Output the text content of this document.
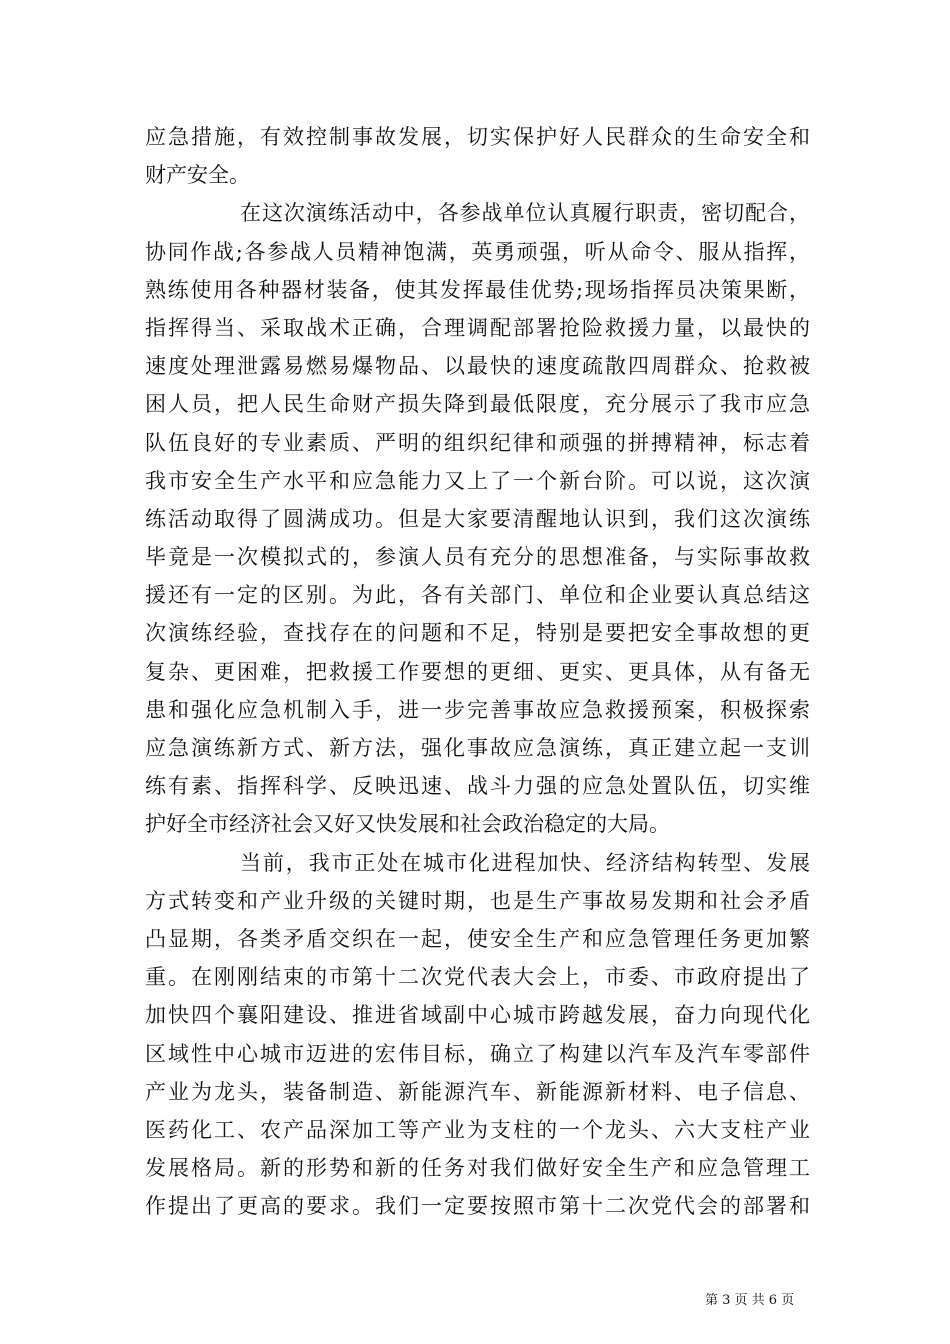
应急措施，有效控制事故发展，切实保护好人民群众的生命安全和
财产安全。
在这次演练活动中，各参战单位认真履行职责，密切配合，
协同作战;各参战人员精神饱满，英勇顽强，听从命令、服从指挥，
熟练使用各种器材装备，使其发挥最佳优势;现场指挥员决策果断，
指挥得当、采取战术正确，合理调配部署抢险救援力量，以最快的
速度处理泄露易燃易爆物品、以最快的速度疏散四周群众、抢救被
困人员，把人民生命财产损失降到最低限度，充分展示了我市应急
队伍良好的专业素质、严明的组织纪律和顽强的拼搏精神，标志着
我市安全生产水平和应急能力又上了一个新台阶。可以说，这次演
练活动取得了圆满成功。但是大家要清醒地认识到，我们这次演练
毕竟是一次模拟式的，参演人员有充分的思想准备，与实际事故救
援还有一定的区别。为此，各有关部门、单位和企业要认真总结这
次演练经验，查找存在的问题和不足，特别是要把安全事故想的更
复杂、更困难，把救援工作要想的更细、更实、更具体，从有备无
患和强化应急机制入手，进一步完善事故应急救援预案，积极探索
应急演练新方式、新方法，强化事故应急演练，真正建立起一支训
练有素、指挥科学、反映迅速、战斗力强的应急处置队伍，切实维
护好全市经济社会又好又快发展和社会政治稳定的大局。
当前，我市正处在城市化进程加快、经济结构转型、发展
方式转变和产业升级的关键时期，也是生产事故易发期和社会矛盾
凸显期，各类矛盾交织在一起，使安全生产和应急管理任务更加繁
重。在刚刚结束的市第十二次党代表大会上，市委、市政府提出了
加快四个襄阳建设、推进省域副中心城市跨越发展，奋力向现代化
区域性中心城市迈进的宏伟目标，确立了构建以汽车及汽车零部件
产业为龙头，装备制造、新能源汽车、新能源新材料、电子信息、
医药化工、农产品深加工等产业为支柱的一个龙头、六大支柱产业
发展格局。新的形势和新的任务对我们做好安全生产和应急管理工
作提出了更高的要求。我们一定要按照市第十二次党代会的部署和
第 3 页 共 6 页
